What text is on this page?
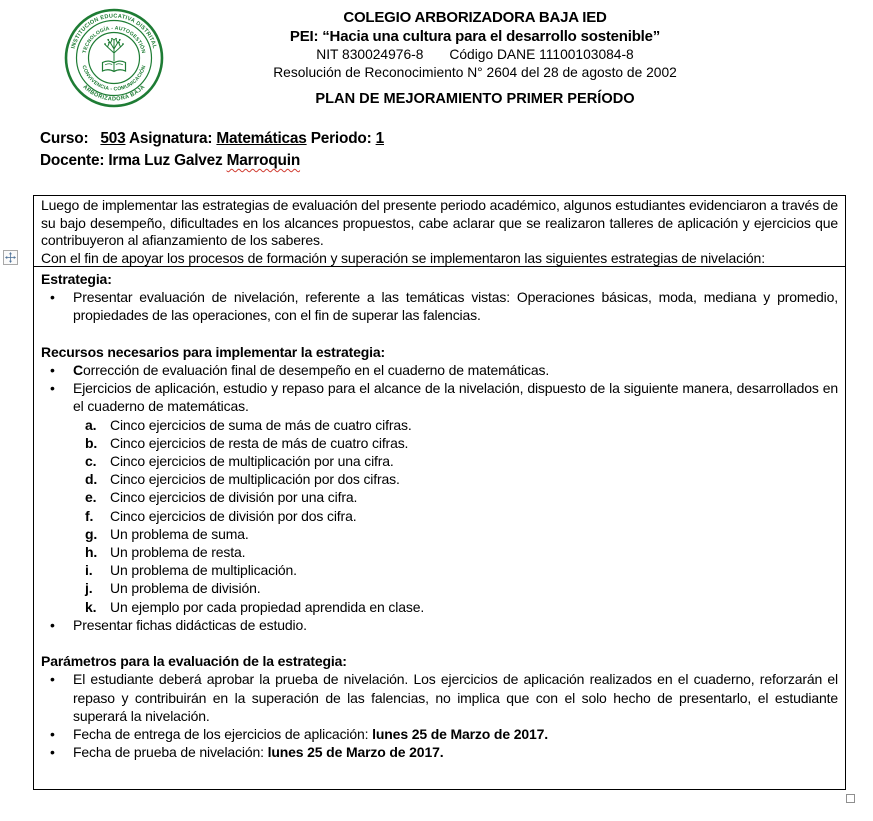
INSTITUCION EDUCATIVA DISTRITAL
ARBORIZADORA BAJA
TECNOLOGÍA - AUTOGESTIÓN
CONVIVENCIA - COMUNICACIÓN
COLEGIO ARBORIZADORA BAJA IED
PEI: “Hacia una cultura para el desarrollo sostenible”
NIT 830024976-8 Código DANE 11100103084-8
Resolución de Reconocimiento N° 2604 del 28 de agosto de 2002
PLAN DE MEJORAMIENTO PRIMER PERÍODO
Curso: 503 Asignatura: Matemáticas Periodo: 1
Docente: Irma Luz Galvez Marroquin
Luego de implementar las estrategias de evaluación del presente periodo académico, algunos estudiantes evidenciaron a través de su bajo desempeño, dificultades en los alcances propuestos, cabe aclarar que se realizaron talleres de aplicación y ejercicios que contribuyeron al afianzamiento de los saberes.
Con el fin de apoyar los procesos de formación y superación se implementaron las siguientes estrategias de nivelación:
Estrategia:
• Presentar evaluación de nivelación, referente a las temáticas vistas: Operaciones básicas, moda, mediana y promedio, propiedades de las operaciones, con el fin de superar las falencias.
Recursos necesarios para implementar la estrategia:
• Corrección de evaluación final de desempeño en el cuaderno de matemáticas.
• Ejercicios de aplicación, estudio y repaso para el alcance de la nivelación, dispuesto de la siguiente manera, desarrollados en el cuaderno de matemáticas.
a. Cinco ejercicios de suma de más de cuatro cifras.
b. Cinco ejercicios de resta de más de cuatro cifras.
c. Cinco ejercicios de multiplicación por una cifra.
d. Cinco ejercicios de multiplicación por dos cifras.
e. Cinco ejercicios de división por una cifra.
f. Cinco ejercicios de división por dos cifra.
g. Un problema de suma.
h. Un problema de resta.
i. Un problema de multiplicación.
j. Un problema de división.
k. Un ejemplo por cada propiedad aprendida en clase.
• Presentar fichas didácticas de estudio.
Parámetros para la evaluación de la estrategia:
• El estudiante deberá aprobar la prueba de nivelación. Los ejercicios de aplicación realizados en el cuaderno, reforzarán el repaso y contribuirán en la superación de las falencias, no implica que con el solo hecho de presentarlo, el estudiante superará la nivelación.
• Fecha de entrega de los ejercicios de aplicación: lunes 25 de Marzo de 2017.
• Fecha de prueba de nivelación: lunes 25 de Marzo de 2017.
